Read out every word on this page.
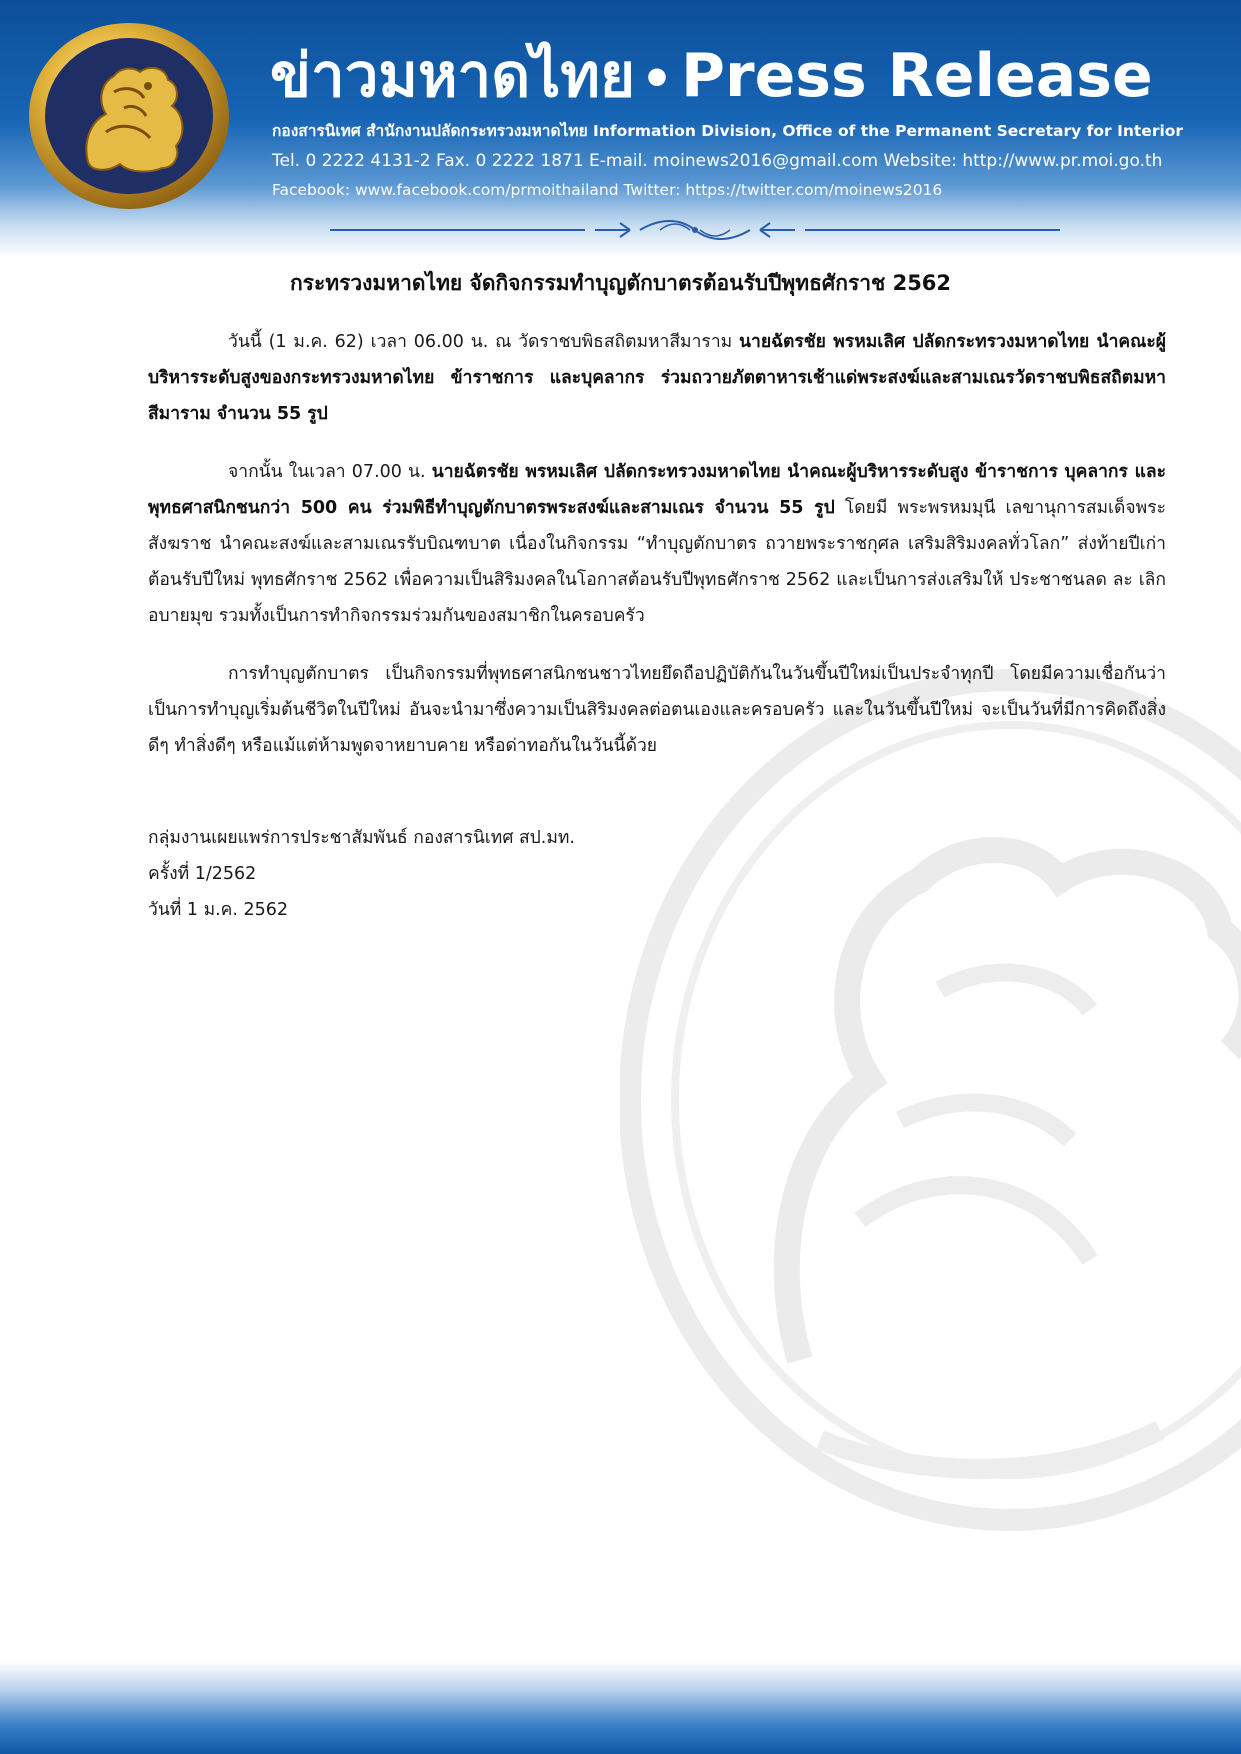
ข่าวมหาดไทย • Press Release
กองสารนิเทศ สำนักงานปลัดกระทรวงมหาดไทย Information Division, Office of the Permanent Secretary for Interior
Tel. 0 2222 4131-2 Fax. 0 2222 1871 E-mail. moinews2016@gmail.com Website: http://www.pr.moi.go.th
Facebook: www.facebook.com/prmoithailand Twitter: https://twitter.com/moinews2016
กระทรวงมหาดไทย จัดกิจกรรมทำบุญตักบาตรต้อนรับปีพุทธศักราช 2562

วันนี้ (1 ม.ค. 62) เวลา 06.00 น. ณ วัดราชบพิธสถิตมหาสีมาราม นายฉัตรชัย พรหมเลิศ ปลัดกระทรวงมหาดไทย นำคณะผู้บริหารระดับสูงของกระทรวงมหาดไทย ข้าราชการ และบุคลากร ร่วมถวายภัตตาหารเช้าแด่พระสงฆ์และสามเณรวัดราชบพิธสถิตมหาสีมาราม จำนวน 55 รูป

จากนั้น ในเวลา 07.00 น. นายฉัตรชัย พรหมเลิศ ปลัดกระทรวงมหาดไทย นำคณะผู้บริหารระดับสูง ข้าราชการ บุคลากร และพุทธศาสนิกชนกว่า 500 คน ร่วมพิธีทำบุญตักบาตรพระสงฆ์และสามเณร จำนวน 55 รูป โดยมี พระพรหมมุนี เลขานุการสมเด็จพระสังฆราช นำคณะสงฆ์และสามเณรรับบิณฑบาต เนื่องในกิจกรรม “ทำบุญตักบาตร ถวายพระราชกุศล เสริมสิริมงคลทั่วโลก” ส่งท้ายปีเก่าต้อนรับปีใหม่ พุทธศักราช 2562 เพื่อความเป็นสิริมงคลในโอกาสต้อนรับปีพุทธศักราช 2562 และเป็นการส่งเสริมให้ ประชาชนลด ละ เลิก อบายมุข รวมทั้งเป็นการทำกิจกรรมร่วมกันของสมาชิกในครอบครัว

การทำบุญตักบาตร เป็นกิจกรรมที่พุทธศาสนิกชนชาวไทยยึดถือปฏิบัติกันในวันขึ้นปีใหม่เป็นประจำทุกปี โดยมีความเชื่อกันว่า เป็นการทำบุญเริ่มต้นชีวิตในปีใหม่ อันจะนำมาซึ่งความเป็นสิริมงคลต่อตนเองและครอบครัว และในวันขึ้นปีใหม่ จะเป็นวันที่มีการคิดถึงสิ่งดีๆ ทำสิ่งดีๆ หรือแม้แต่ห้ามพูดจาหยาบคาย หรือด่าทอกันในวันนี้ด้วย

กลุ่มงานเผยแพร่การประชาสัมพันธ์ กองสารนิเทศ สป.มท.
ครั้งที่ 1/2562
วันที่ 1 ม.ค. 2562
